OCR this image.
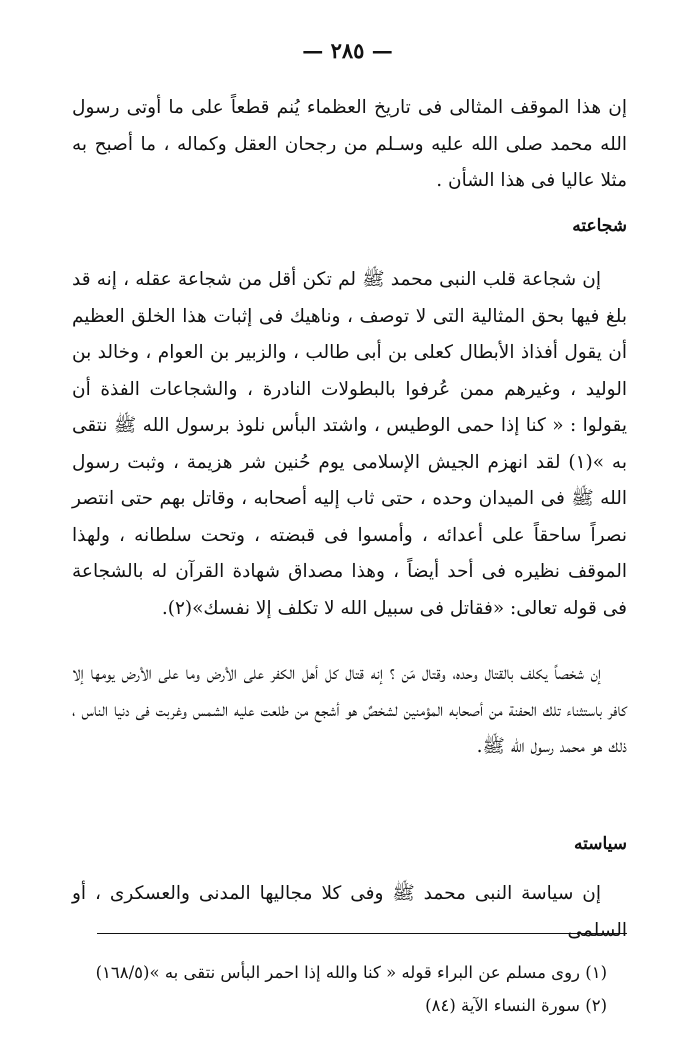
— ٢٨٥ —

إن هذا الموقف المثالى فى تاريخ العظماء يُنم قطعاً على ما أوتى رسول الله محمد صلى الله عليه وسـلم من رجحان العقل وكماله ، ما أصبح به مثلا عاليا فى هذا الشأن .

شجاعته

إن شجاعة قلب النبى محمد ﷺ لم تكن أقل من شجاعة عقله ، إنه قد بلغ فيها بحق المثالية التى لا توصف ، وناهيك فى إثبات هذا الخلق العظيم أن يقول أفذاذ الأبطال كعلى بن أبى طالب ، والزبير بن العوام ، وخالد بن الوليد ، وغيرهم ممن عُرفوا بالبطولات النادرة ، والشجاعات الفذة أن يقولوا : « كنا إذا حمى الوطيس ، واشتد البأس نلوذ برسول الله ﷺ نتقى به »(١) لقد انهزم الجيش الإسلامى يوم حُنين شر هزيمة ، وثبت رسول الله ﷺ فى الميدان وحده ، حتى ثاب إليه أصحابه ، وقاتل بهم حتى انتصر نصراً ساحقاً على أعدائه ، وأمسوا فى قبضته ، وتحت سلطانه ، ولهذا الموقف نظيره فى أحد أيضاً ، وهذا مصداق شهادة القرآن له بالشجاعة فى قوله تعالى: «فقاتل فى سبيل الله لا تكلف إلا نفسك»(٢).

إن شخصاً يكلف بالقتال وحده، وقتال مَن ؟ إنه قتال كل أهل الكفر على الأرض وما على الأرض يومها إلا كافر باستثناء تلك الحفنة من أصحابه المؤمنين لشخصٌ هو أشجع من طلعت عليه الشمس وغربت فى دنيا الناس ، ذلك هو محمد رسول الله ﷺ.

سياسته

إن سياسة النبى محمد ﷺ وفى كلا مجاليها المدنى والعسكرى ، أو السلمى

(١) روى مسلم عن البراء قوله « كنا والله إذا احمر البأس نتقى به »(١٦٨/٥)
(٢) سورة النساء الآية (٨٤)
